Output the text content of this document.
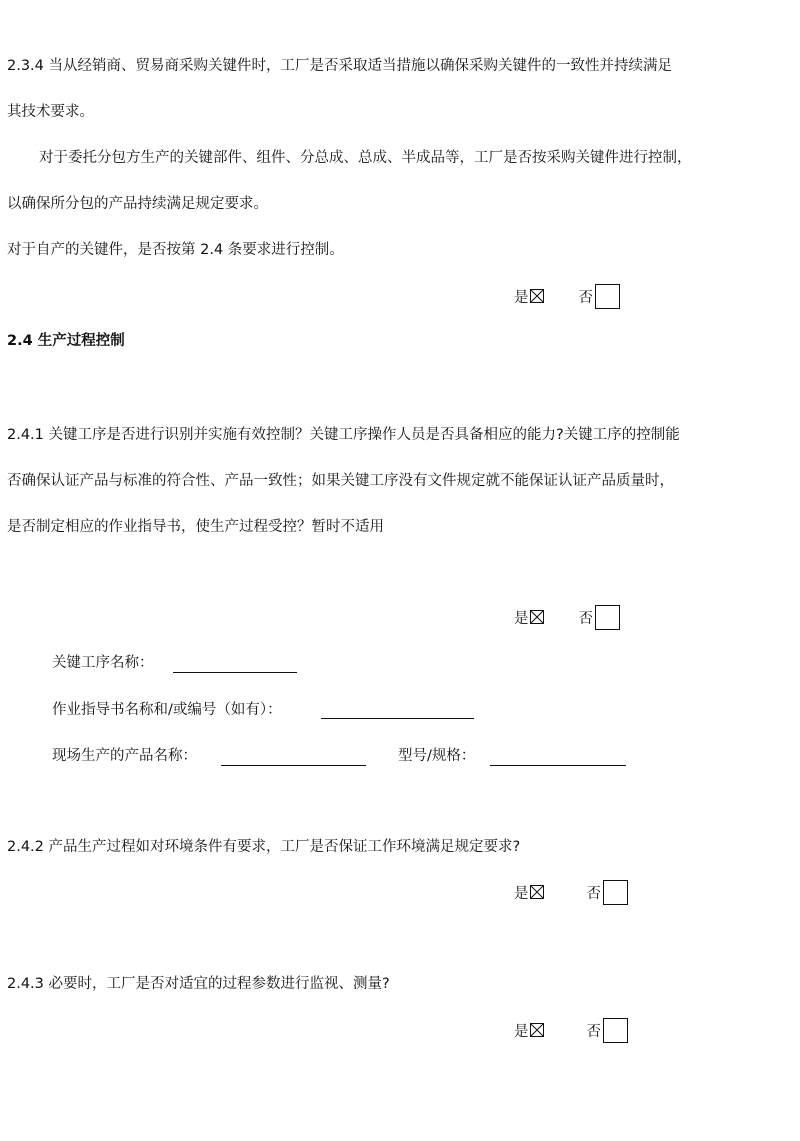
2.3.4 当从经销商、贸易商采购关键件时，工厂是否采取适当措施以确保采购关键件的一致性并持续满足
其技术要求。
对于委托分包方生产的关键部件、组件、分总成、总成、半成品等，工厂是否按采购关键件进行控制，
以确保所分包的产品持续满足规定要求。
对于自产的关键件，是否按第 2.4 条要求进行控制。
是	否
2.4 生产过程控制
2.4.1 关键工序是否进行识别并实施有效控制？关键工序操作人员是否具备相应的能力?关键工序的控制能
否确保认证产品与标准的符合性、产品一致性；如果关键工序没有文件规定就不能保证认证产品质量时，
是否制定相应的作业指导书，使生产过程受控？暂时不适用
是	否
关键工序名称：
作业指导书名称和/或编号（如有）：
现场生产的产品名称：	型号/规格：
2.4.2 产品生产过程如对环境条件有要求，工厂是否保证工作环境满足规定要求?
是	否
2.4.3 必要时，工厂是否对适宜的过程参数进行监视、测量?
是	否
